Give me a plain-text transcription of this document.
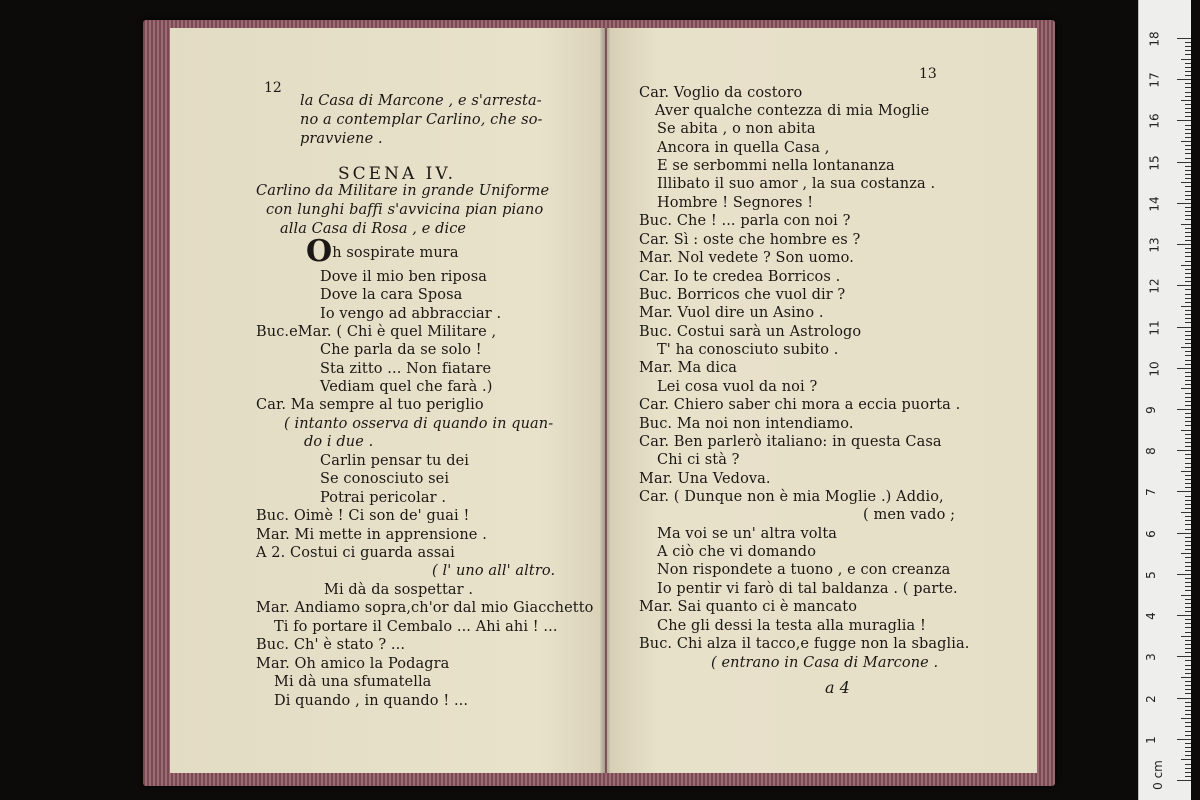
12
la Casa di Marcone , e s'arresta-
no a contemplar Carlino, che so-
pravviene .
SCENA IV.
Carlino da Militare in grande Uniforme
con lunghi baffi s'avvicina pian piano
alla Casa di Rosa , e dice
Oh sospirate mura
Dove il mio ben riposa
Dove la cara Sposa
Io vengo ad abbracciar .
Buc.eMar. ( Chi è quel Militare ,
Che parla da se solo !
Sta zitto ... Non fiatare
Vediam quel che farà .)
Car. Ma sempre al tuo periglio
( intanto osserva di quando in quan-
do i due .
Carlin pensar tu dei
Se conosciuto sei
Potrai pericolar .
Buc. Oimè ! Ci son de' guai !
Mar. Mi mette in apprensione .
A 2. Costui ci guarda assai
( l' uno all' altro.
Mi dà da sospettar .
Mar. Andiamo sopra,ch'or dal mio Giacchetto
Ti fo portare il Cembalo ... Ahi ahi ! ...
Buc. Ch' è stato ? ...
Mar. Oh amico la Podagra
Mi dà una sfumatella
Di quando , in quando ! ...
13
a 4
Car. Voglio da costoro
Aver qualche contezza di mia Moglie
Se abita , o non abita
Ancora in quella Casa ,
E se serbommi nella lontananza
Illibato il suo amor , la sua costanza .
Hombre ! Segnores !
Buc. Che ! ... parla con noi ?
Car. Sì : oste che hombre es ?
Mar. Nol vedete ? Son uomo.
Car. Io te credea Borricos .
Buc. Borricos che vuol dir ?
Mar. Vuol dire un Asino .
Buc. Costui sarà un Astrologo
T' ha conosciuto subito .
Mar. Ma dica
Lei cosa vuol da noi ?
Car. Chiero saber chi mora a eccia puorta .
Buc. Ma noi non intendiamo.
Car. Ben parlerò italiano: in questa Casa
Chi ci stà ?
Mar. Una Vedova.
Car. ( Dunque non è mia Moglie .) Addio,
( men vado ;
Ma voi se un' altra volta
A ciò che vi domando
Non rispondete a tuono , e con creanza
Io pentir vi farò di tal baldanza . ( parte.
Mar. Sai quanto ci è mancato
Che gli dessi la testa alla muraglia !
Buc. Chi alza il tacco,e fugge non la sbaglia.
( entrano in Casa di Marcone .
0 cm
18
17
16
15
14
13
12
11
10
9
8
7
6
5
4
3
2
1
